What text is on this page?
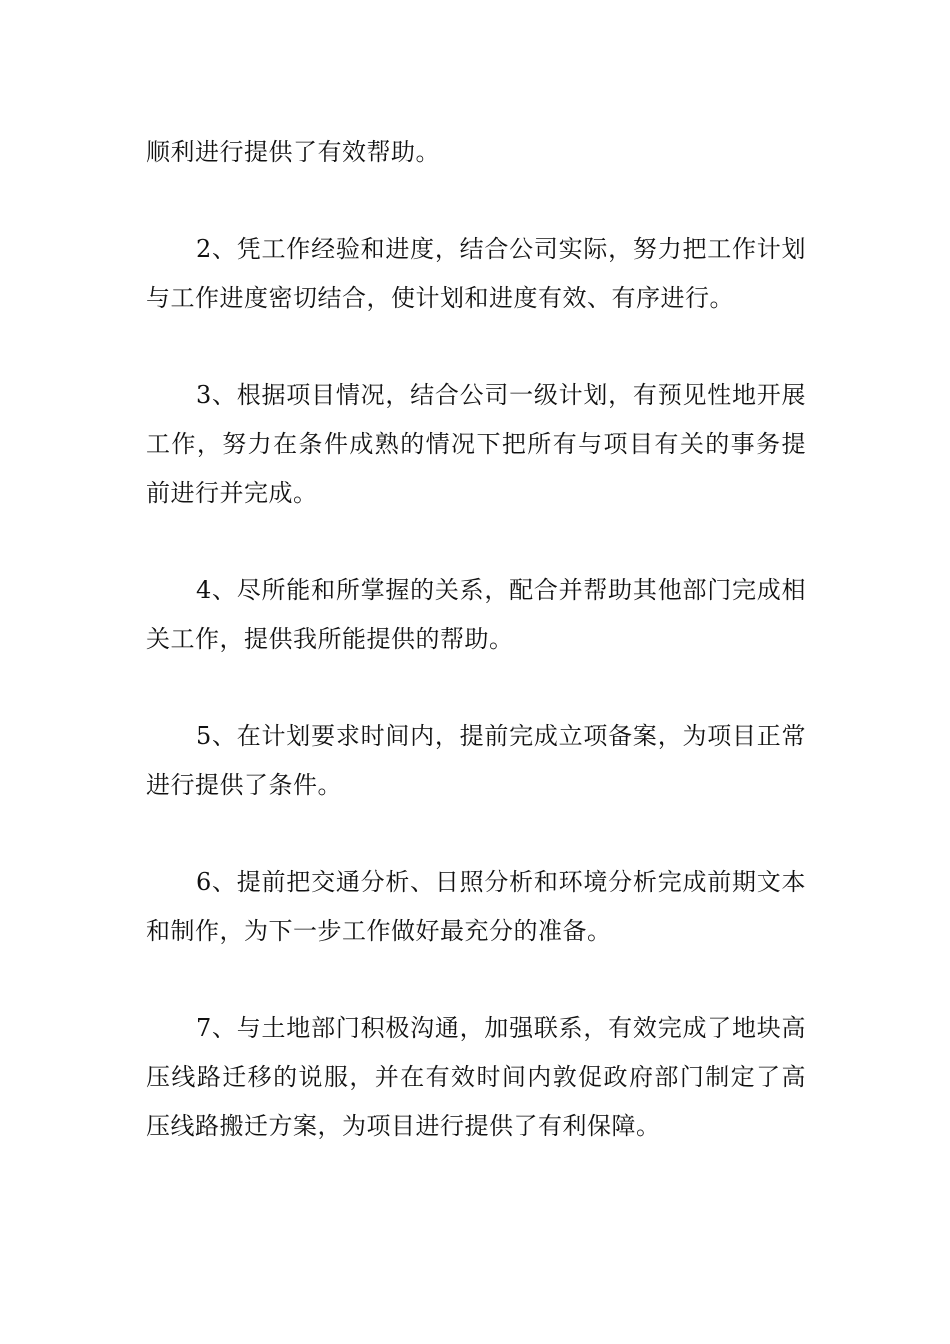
顺利进行提供了有效帮助。

2、凭工作经验和进度，结合公司实际，努力把工作计划与工作进度密切结合，使计划和进度有效、有序进行。

3、根据项目情况，结合公司一级计划，有预见性地开展工作，努力在条件成熟的情况下把所有与项目有关的事务提前进行并完成。

4、尽所能和所掌握的关系，配合并帮助其他部门完成相关工作，提供我所能提供的帮助。

5、在计划要求时间内，提前完成立项备案，为项目正常进行提供了条件。

6、提前把交通分析、日照分析和环境分析完成前期文本和制作，为下一步工作做好最充分的准备。

7、与土地部门积极沟通，加强联系，有效完成了地块高压线路迁移的说服，并在有效时间内敦促政府部门制定了高压线路搬迁方案，为项目进行提供了有利保障。
